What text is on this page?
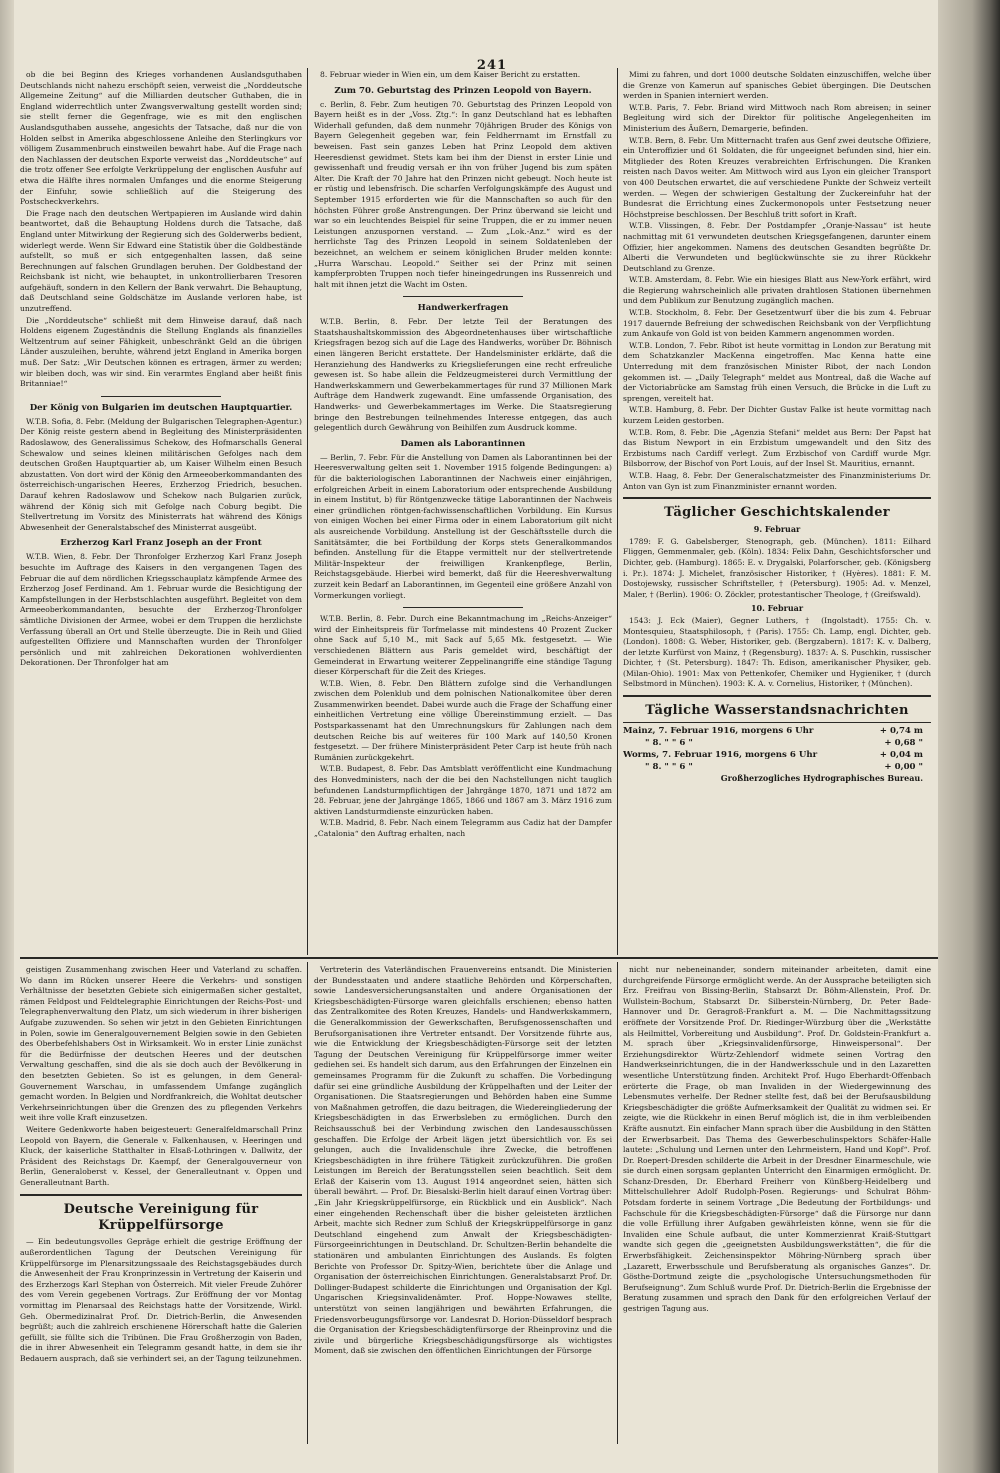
241

ob die bei Beginn des Krieges vorhandenen Auslandsguthaben Deutschlands nicht nahezu erschöpft seien, verweist die „Norddeutsche Allgemeine Zeitung“ auf die Milliarden deutscher Guthaben, die in England widerrechtlich unter Zwangsverwaltung gestellt worden sind; sie stellt ferner die Gegenfrage, wie es mit den englischen Auslandsguthaben aussehe, angesichts der Tatsache, daß nur die von Holden selbst in Amerika abgeschlossene Anleihe den Sterlingkurs vor völligem Zusammenbruch einstweilen bewahrt habe. Auf die Frage nach den Nachlassen der deutschen Exporte verweist das „Norddeutsche“ auf die trotz offener See erfolgte Verkrüppelung der englischen Ausfuhr auf etwa die Hälfte ihres normalen Umfanges und die enorme Steigerung der Einfuhr, sowie schließlich auf die Steigerung des Postscheckverkehrs.

Die Frage nach den deutschen Wertpapieren im Auslande wird dahin beantwortet, daß die Behauptung Holdens durch die Tatsache, daß England unter Mitwirkung der Regierung sich des Golderwerbs bedient, widerlegt werde. Wenn Sir Edward eine Statistik über die Goldbestände aufstellt, so muß er sich entgegenhalten lassen, daß seine Berechnungen auf falschen Grundlagen beruhen. Der Goldbestand der Reichsbank ist nicht, wie behauptet, in unkontrollierbaren Tresoren aufgehäuft, sondern in den Kellern der Bank verwahrt. Die Behauptung, daß Deutschland seine Goldschätze im Auslande verloren habe, ist unzutreffend.

Die „Norddeutsche“ schließt mit dem Hinweise darauf, daß nach Holdens eigenem Zugeständnis die Stellung Englands als finanzielles Weltzentrum auf seiner Fähigkeit, unbeschränkt Geld an die übrigen Länder auszuleihen, beruhte, während jetzt England in Amerika borgen muß. Der Satz: „Wir Deutschen können es ertragen, ärmer zu werden; wir bleiben doch, was wir sind. Ein verarmtes England aber heißt finis Britanniae!“

Der König von Bulgarien im deutschen Hauptquartier.

W.T.B. Sofia, 8. Febr. (Meldung der Bulgarischen Telegraphen-Agentur.) Der König reiste gestern abend in Begleitung des Ministerpräsidenten Radoslawow, des Generalissimus Schekow, des Hofmarschalls General Schewalow und seines kleinen militärischen Gefolges nach dem deutschen Großen Hauptquartier ab, um Kaiser Wilhelm einen Besuch abzustatten. Von dort wird der König den Armeeoberkommandanten des österreichisch-ungarischen Heeres, Erzherzog Friedrich, besuchen. Darauf kehren Radoslawow und Schekow nach Bulgarien zurück, während der König sich mit Gefolge nach Coburg begibt. Die Stellvertretung im Vorsitz des Ministerrats hat während des Königs Abwesenheit der Generalstabschef des Ministerrat ausgeübt.

Erzherzog Karl Franz Joseph an der Front

W.T.B. Wien, 8. Febr. Der Thronfolger Erzherzog Karl Franz Joseph besuchte im Auftrage des Kaisers in den vergangenen Tagen des Februar die auf dem nördlichen Kriegsschauplatz kämpfende Armee des Erzherzog Josef Ferdinand. Am 1. Februar wurde die Besichtigung der Kampfstellungen in der Herbstschlachten ausgeführt. Begleitet von dem Armeeoberkommandanten, besuchte der Erzherzog-Thronfolger sämtliche Divisionen der Armee, wobei er dem Truppen die herzlichste Verfassung überall an Ort und Stelle überzeugte. Die in Reih und Glied aufgestellten Offiziere und Mannschaften wurden der Thronfolger persönlich und mit zahlreichen Dekorationen wohlverdienten Dekorationen. Der Thronfolger hat am

8. Februar wieder in Wien ein, um dem Kaiser Bericht zu erstatten.

Zum 70. Geburtstag des Prinzen Leopold von Bayern.

c. Berlin, 8. Febr. Zum heutigen 70. Geburtstag des Prinzen Leopold von Bayern heißt es in der „Voss. Ztg.“: In ganz Deutschland hat es lebhaften Widerhall gefunden, daß dem nunmehr 70jährigen Bruder des Königs von Bayern Gelegenheit gegeben war, fein Feldherrnamt im Ernstfall zu beweisen. Fast sein ganzes Leben hat Prinz Leopold dem aktiven Heeresdienst gewidmet. Stets kam bei ihm der Dienst in erster Linie und gewissenhaft und freudig versah er ihn von früher Jugend bis zum späten Alter. Die Kraft der 70 Jahre hat den Prinzen nicht gebeugt. Noch heute ist er rüstig und lebensfrisch. Die scharfen Verfolgungskämpfe des August und September 1915 erforderten wie für die Mannschaften so auch für den höchsten Führer große Anstrengungen. Der Prinz überwand sie leicht und war so ein leuchtendes Beispiel für seine Truppen, die er zu immer neuen Leistungen anzuspornen verstand. — Zum „Lok.-Anz.“ wird es der herrlichste Tag des Prinzen Leopold in seinem Soldatenleben der bezeichnet, an welchem er seinem königlichen Bruder melden konnte: „Hurra Warschau. Leopold.“ Seither sei der Prinz mit seinen kampferprobten Truppen noch tiefer hineingedrungen ins Russenreich und halt mit ihnen jetzt die Wacht im Osten.

Handwerkerfragen

W.T.B. Berlin, 8. Febr. Der letzte Teil der Beratungen des Staatshaushaltskommission des Abgeordnetenhauses über wirtschaftliche Kriegsfragen bezog sich auf die Lage des Handwerks, worüber Dr. Böhnisch einen längeren Bericht erstattete. Der Handelsminister erklärte, daß die Heranziehung des Handwerks zu Kriegslieferungen eine recht erfreuliche gewesen ist. So habe allein die Feldzeugmeisterei durch Vermittlung der Handwerkskammern und Gewerbekammertages für rund 37 Millionen Mark Aufträge dem Handwerk zugewandt. Eine umfassende Organisation, des Handwerks- und Gewerbekammertages im Werke. Die Staatsregierung bringe den Bestrebungen teilnehmendes Interesse entgegen, das auch gelegentlich durch Gewährung von Beihilfen zum Ausdruck komme.

Damen als Laborantinnen

— Berlin, 7. Febr. Für die Anstellung von Damen als Laborantinnen bei der Heeresverwaltung gelten seit 1. November 1915 folgende Bedingungen: a) für die bakteriologischen Laborantinnen der Nachweis einer einjährigen, erfolgreichen Arbeit in einem Laboratorium oder entsprechende Ausbildung in einem Institut, b) für Röntgenzwecke tätige Laborantinnen der Nachweis einer gründlichen röntgen-fachwissenschaftlichen Vorbildung. Ein Kursus von einigen Wochen bei einer Firma oder in einem Laboratorium gilt nicht als ausreichende Vorbildung. Anstellung ist der Geschäftsstelle durch die Sanitätsämter, die bei Fortbildung der Korps stets Generalkommandos befinden. Anstellung für die Etappe vermittelt nur der stellvertretende Militär-Inspekteur der freiwilligen Krankenpflege, Berlin, Reichstagsgebäude. Hierbei wird bemerkt, daß für die Heereshverwaltung zurzeit kein Bedarf an Laborantinnen, im Gegenteil eine größere Anzahl von Vormerkungen vorliegt.

W.T.B. Berlin, 8. Febr. Durch eine Bekanntmachung im „Reichs-Anzeiger“ wird der Einheitspreis für Torfmelasse mit mindestens 40 Prozent Zucker ohne Sack auf 5,10 M., mit Sack auf 5,65 Mk. festgesetzt. — Wie verschiedenen Blättern aus Paris gemeldet wird, beschäftigt der Gemeinderat in Erwartung weiterer Zeppelinangriffe eine ständige Tagung dieser Körperschaft für die Zeit des Krieges.

W.T.B. Wien, 8. Febr. Den Blättern zufolge sind die Verhandlungen zwischen dem Polenklub und dem polnischen Nationalkomitee über deren Zusammenwirken beendet. Dabei wurde auch die Frage der Schaffung einer einheitlichen Vertretung eine völlige Übereinstimmung erzielt. — Das Postsparkassenamt hat den Umrechnungskurs für Zahlungen nach dem deutschen Reiche bis auf weiteres für 100 Mark auf 140,50 Kronen festgesetzt. — Der frühere Ministerpräsident Peter Carp ist heute früh nach Rumänien zurückgekehrt.

W.T.B. Budapest, 8. Febr. Das Amtsblatt veröffentlicht eine Kundmachung des Honvedministers, nach der die bei den Nachstellungen nicht tauglich befundenen Landsturmpflichtigen der Jahrgänge 1870, 1871 und 1872 am 28. Februar, jene der Jahrgänge 1865, 1866 und 1867 am 3. März 1916 zum aktiven Landsturmdienste einzurücken haben.

W.T.B. Madrid, 8. Febr. Nach einem Telegramm aus Cadiz hat der Dampfer „Catalonia“ den Auftrag erhalten, nach

Mimi zu fahren, und dort 1000 deutsche Soldaten einzuschiffen, welche über die Grenze von Kamerun auf spanisches Gebiet übergingen. Die Deutschen werden in Spanien interniert werden.

W.T.B. Paris, 7. Febr. Briand wird Mittwoch nach Rom abreisen; in seiner Begleitung wird sich der Direktor für politische Angelegenheiten im Ministerium des Äußern, Demargerie, befinden.

W.T.B. Bern, 8. Febr. Um Mitternacht trafen aus Genf zwei deutsche Offiziere, ein Unteroffizier und 61 Soldaten, die für ungeeignet befunden sind, hier ein. Mitglieder des Roten Kreuzes verabreichten Erfrischungen. Die Kranken reisten nach Davos weiter. Am Mittwoch wird aus Lyon ein gleicher Transport von 400 Deutschen erwartet, die auf verschiedene Punkte der Schweiz verteilt werden. — Wegen der schwierigen Gestaltung der Zuckereinfuhr hat der Bundesrat die Errichtung eines Zuckermonopols unter Festsetzung neuer Höchstpreise beschlossen. Der Beschluß tritt sofort in Kraft.

W.T.B. Vlissingen, 8. Febr. Der Postdampfer „Oranje-Nassau“ ist heute nachmittag mit 61 verwundeten deutschen Kriegsgefangenen, darunter einem Offizier, hier angekommen. Namens des deutschen Gesandten begrüßte Dr. Alberti die Verwundeten und beglückwünschte sie zu ihrer Rückkehr Deutschland zu Grenze.

W.T.B. Amsterdam, 8. Febr. Wie ein hiesiges Blatt aus New-York erfährt, wird die Regierung wahrscheinlich alle privaten drahtlosen Stationen übernehmen und dem Publikum zur Benutzung zugänglich machen.

W.T.B. Stockholm, 8. Febr. Der Gesetzentwurf über die bis zum 4. Februar 1917 dauernde Befreiung der schwedischen Reichsbank von der Verpflichtung zum Ankaufe von Gold ist von beiden Kammern angenommen worden.

W.T.B. London, 7. Febr. Ribot ist heute vormittag in London zur Beratung mit dem Schatzkanzler MacKenna eingetroffen. Mac Kenna hatte eine Unterredung mit dem französischen Minister Ribot, der nach London gekommen ist. — „Daily Telegraph“ meldet aus Montreal, daß die Wache auf der Victoriabrücke am Samstag früh einen Versuch, die Brücke in die Luft zu sprengen, vereitelt hat.

W.T.B. Hamburg, 8. Febr. Der Dichter Gustav Falke ist heute vormittag nach kurzem Leiden gestorben.

W.T.B. Rom, 8. Febr. Die „Agenzia Stefani“ meldet aus Bern: Der Papst hat das Bistum Newport in ein Erzbistum umgewandelt und den Sitz des Erzbistums nach Cardiff verlegt. Zum Erzbischof von Cardiff wurde Mgr. Bilsborrow, der Bischof von Port Louis, auf der Insel St. Mauritius, ernannt.

W.T.B. Haag, 8. Febr. Der Generalschatzmeister des Finanzministeriums Dr. Anton van Gyn ist zum Finanzminister ernannt worden.

Täglicher Geschichtskalender
9. Februar

1789: F. G. Gabelsberger, Stenograph, geb. (München). 1811: Eilhard Fliggen, Gemmenmaler, geb. (Köln). 1834: Felix Dahn, Geschichtsforscher und Dichter, geb. (Hamburg). 1865: E. v. Drygalski, Polarforscher, geb. (Königsberg i. Pr.). 1874: J. Michelet, französischer Historiker, † (Hyères). 1881: F. M. Dostojewsky, russischer Schriftsteller, † (Petersburg). 1905: Ad. v. Menzel, Maler, † (Berlin). 1906: O. Zöckler, protestantischer Theologe, † (Greifswald).

10. Februar

1543: J. Eck (Maier), Gegner Luthers, † (Ingolstadt). 1755: Ch. v. Montesquieu, Staatsphilosoph, † (Paris). 1755: Ch. Lamp, engl. Dichter, geb. (London). 1808: G. Weber, Historiker, geb. (Bergzabern). 1817: K. v. Dalberg, der letzte Kurfürst von Mainz, † (Regensburg). 1837: A. S. Puschkin, russischer Dichter, † (St. Petersburg). 1847: Th. Edison, amerikanischer Physiker, geb. (Milan-Ohio). 1901: Max von Pettenkofer, Chemiker und Hygieniker, † (durch Selbstmord in München). 1903: K. A. v. Cornelius, Historiker, † (München).

Tägliche Wasserstandsnachrichten
Mainz, 7. Februar 1916, morgens 6 Uhr	+ 0,74 m
" 8. " " 6 "	+ 0,68 "
Worms, 7. Februar 1916, morgens 6 Uhr	+ 0,04 m
" 8. " " 6 "	+ 0,00 "
Großherzogliches Hydrographisches Bureau.

geistigen Zusammenhang zwischen Heer und Vaterland zu schaffen. Wo dann im Rücken unserer Heere die Verkehrs- und sonstigen Verhältnisse der besetzten Gebiete sich einigermaßen sicher gestaltet, rämen Feldpost und Feldtelegraphie Einrichtungen der Reichs-Post- und Telegraphenverwaltung den Platz, um sich wiederum in ihrer bisherigen Aufgabe zuzuwenden. So sehen wir jetzt in den Gebieten Einrichtungen in Polen, sowie im Generalgouvernement Belgien sowie in den Gebieten des Oberbefehlshabers Ost in Wirksamkeit. Wo in erster Linie zunächst für die Bedürfnisse der deutschen Heeres und der deutschen Verwaltung geschaffen, sind die als sie doch auch der Bevölkerung in den besetzten Gebieten. So ist es gelungen, in dem General-Gouvernement Warschau, in umfassendem Umfange zugänglich gemacht worden. In Belgien und Nordfrankreich, die Wohltat deutscher Verkehrseinrichtungen über die Grenzen des zu pflegenden Verkehrs weit ihre volle Kraft einzusetzen.

Weitere Gedenkworte haben beigesteuert: Generalfeldmarschall Prinz Leopold von Bayern, die Generale v. Falkenhausen, v. Heeringen und Kluck, der kaiserliche Statthalter in Elsaß-Lothringen v. Dallwitz, der Präsident des Reichstags Dr. Kaempf, der Generalgouverneur von Berlin, Generaloberst v. Kessel, der Generalleutnant v. Oppen und Generalleutnant Barth.

Deutsche Vereinigung für Krüppelfürsorge

— Ein bedeutungsvolles Gepräge erhielt die gestrige Eröffnung der außerordentlichen Tagung der Deutschen Vereinigung für Krüppelfürsorge im Plenarsitzungssaale des Reichstagsgebäudes durch die Anwesenheit der Frau Kronprinzessin in Vertretung der Kaiserin und des Erzherzogs Karl Stephan von Österreich. Mit vieler Freude Zuhörer des vom Verein gegebenen Vortrags. Zur Eröffnung der vor Montag vormittag im Plenarsaal des Reichstags hatte der Vorsitzende, Wirkl. Geh. Obermedizinalrat Prof. Dr. Dietrich-Berlin, die Anwesenden begrüßt; auch die zahlreich erschienene Hörerschaft hatte die Galerien gefüllt, sie füllte sich die Tribünen. Die Frau Großherzogin von Baden, die in ihrer Abwesenheit ein Telegramm gesandt hatte, in dem sie ihr Bedauern ausprach, daß sie verhindert sei, an der Tagung teilzunehmen.

Vertreterin des Vaterländischen Frauenvereins entsandt. Die Ministerien der Bundesstaaten und andere staatliche Behörden und Körperschaften, sowie Landesversicherungsanstalten und andere Organisationen der Kriegsbeschädigten-Fürsorge waren gleichfalls erschienen; ebenso hatten das Zentralkomitee des Roten Kreuzes, Handels- und Handwerkskammern, die Generalkommission der Gewerkschaften, Berufsgenossenschaften und Berufsorganisationen ihre Vertreter entsandt. Der Vorsitzende führte aus, wie die Entwicklung der Kriegsbeschädigten-Fürsorge seit der letzten Tagung der Deutschen Vereinigung für Krüppelfürsorge immer weiter gediehen sei. Es handelt sich darum, aus den Erfahrungen der Einzelnen ein gemeinsames Programm für die Zukunft zu schaffen. Die Vorbedingung dafür sei eine gründliche Ausbildung der Krüppelhaften und der Leiter der Organisationen. Die Staatsregierungen und Behörden haben eine Summe von Maßnahmen getroffen, die dazu beitragen, die Wiedereingliederung der Kriegsbeschädigten in das Erwerbsleben zu ermöglichen. Durch den Reichsausschuß bei der Verbindung zwischen den Landesausschüssen geschaffen. Die Erfolge der Arbeit lägen jetzt übersichtlich vor. Es sei gelungen, auch die Invalidenschule ihre Zwecke, die betroffenen Kriegsbeschädigten in ihre frühere Tätigkeit zurückzuführen. Die großen Leistungen im Bereich der Beratungsstellen seien beachtlich. Seit dem Erlaß der Kaiserin vom 13. August 1914 angeordnet seien, hätten sich überall bewährt. — Prof. Dr. Biesalski-Berlin hielt darauf einen Vortrag über: „Ein Jahr Kriegskrüppelfürsorge, ein Rückblick und ein Ausblick“. Nach einer eingehenden Rechenschaft über die bisher geleisteten ärztlichen Arbeit, machte sich Redner zum Schluß der Kriegskrüppelfürsorge in ganz Deutschland eingehend zum Anwalt der Kriegsbeschädigten-Fürsorgeeinrichtungen in Deutschland. Dr. Schultzen-Berlin behandelte die stationären und ambulanten Einrichtungen des Auslands. Es folgten Berichte von Professor Dr. Spitzy-Wien, berichtete über die Anlage und Organisation der österreichischen Einrichtungen. Generalstabsarzt Prof. Dr. Dollinger-Budapest schilderte die Einrichtungen und Organisation der Kgl. Ungarischen Kriegsinvalidenämter. Prof. Hoppe-Nowawes stellte, unterstützt von seinen langjährigen und bewährten Erfahrungen, die Friedensvorbeugungsfürsorge vor. Landesrat D. Horion-Düsseldorf besprach die Organisation der Kriegsbeschädigtenfürsorge der Rheinprovinz und die zivile und bürgerliche Kriegsbeschädigungsfürsorge als wichtigstes Moment, daß sie zwischen den öffentlichen Einrichtungen der Fürsorge

nicht nur nebeneinander, sondern miteinander arbeiteten, damit eine durchgreifende Fürsorge ermöglicht werde. An der Aussprache beteiligten sich Erz. Freifrau von Bissing-Berlin, Stabsarzt Dr. Böhm-Allenstein, Prof. Dr. Wullstein-Bochum, Stabsarzt Dr. Silberstein-Nürnberg, Dr. Peter Bade-Hannover und Dr. Geragroß-Frankfurt a. M. — Die Nachmittagssitzung eröffnete der Vorsitzende Prof. Dr. Riedinger-Würzburg über die „Werkstätte als Heilmittel, Vorbereitung und Ausbildung“. Prof. Dr. Goldstein-Frankfurt a. M. sprach über „Kriegsinvalidenfürsorge, Hinweispersonal“. Der Erziehungsdirektor Würtz-Zehlendorf widmete seinen Vortrag den Handwerkseinrichtungen, die in der Handwerksschule und in den Lazaretten wesentliche Unterstützung finden. Architekt Prof. Hugo Eberhardt-Offenbach erörterte die Frage, ob man Invaliden in der Wiedergewinnung des Lebensmutes verhelfe. Der Redner stellte fest, daß bei der Berufsausbildung Kriegsbeschädigter die größte Aufmerksamkeit der Qualität zu widmen sei. Er zeigte, wie die Rückkehr in einen Beruf möglich ist, die in ihm verbleibenden Kräfte ausnutzt. Ein einfacher Mann sprach über die Ausbildung in den Stätten der Erwerbsarbeit. Das Thema des Gewerbeschulinspektors Schäfer-Halle lautete: „Schulung und Lernen unter den Lehrmeistern, Hand und Kopf“. Prof. Dr. Roepert-Dresden schilderte die Arbeit in der Dresdner Einarmeschule, wie sie durch einen sorgsam geplanten Unterricht den Einarmigen ermöglicht. Dr. Schanz-Dresden, Dr. Eberhard Freiherr von Künßberg-Heidelberg und Mittelschullehrer Adolf Rudolph-Posen. Regierungs- und Schulrat Böhm-Potsdam forderte in seinem Vortrage „Die Bedeutung der Fortbildungs- und Fachschule für die Kriegsbeschädigten-Fürsorge“ daß die Fürsorge nur dann die volle Erfüllung ihrer Aufgaben gewährleisten könne, wenn sie für die Invaliden eine Schule aufbaut, die unter Kommerzienrat Kraiß-Stuttgart wandte sich gegen die „geeignetsten Ausbildungswerkstätten“, die für die Erwerbsfähigkeit. Zeichensinspektor Möhring-Nürnberg sprach über „Lazarett, Erwerbsschule und Berufsberatung als organisches Ganzes“. Dr. Gösthe-Dortmund zeigte die „psychologische Untersuchungsmethoden für Berufseignung“. Zum Schluß wurde Prof. Dr. Dietrich-Berlin die Ergebnisse der Beratung zusammen und sprach den Dank für den erfolgreichen Verlauf der gestrigen Tagung aus.
